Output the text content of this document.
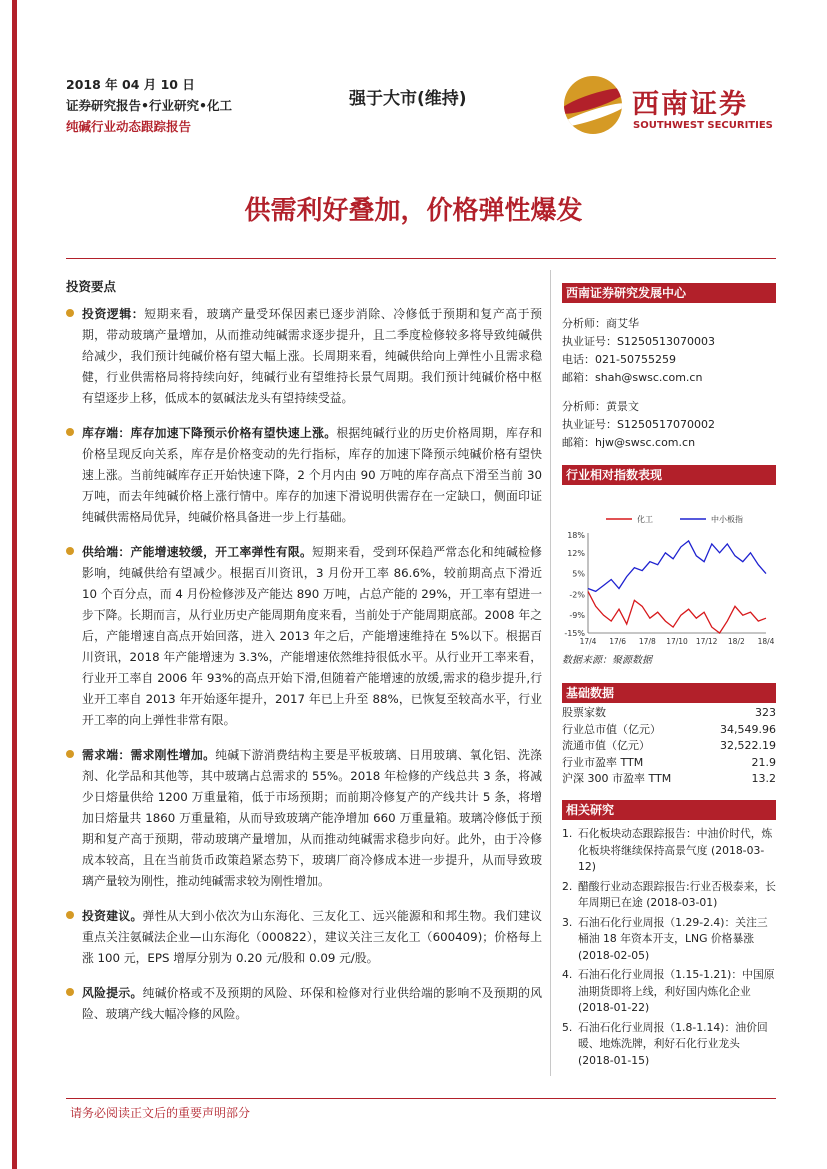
2018 年 04 月 10 日
证券研究报告•行业研究•化工
纯碱行业动态跟踪报告
强于大市(维持)	西南证券
SOUTHWEST SECURITIES
供需利好叠加，价格弹性爆发
投资要点
投资逻辑：短期来看，玻璃产量受环保因素已逐步消除、冷修低于预期和复产高于预期，带动玻璃产量增加，从而推动纯碱需求逐步提升，且二季度检修较多将导致纯碱供给减少，我们预计纯碱价格有望大幅上涨。长周期来看，纯碱供给向上弹性小且需求稳健，行业供需格局将持续向好，纯碱行业有望维持长景气周期。我们预计纯碱价格中枢有望逐步上移，低成本的氨碱法龙头有望持续受益。
库存端：库存加速下降预示价格有望快速上涨。根据纯碱行业的历史价格周期，库存和价格呈现反向关系，库存是价格变动的先行指标，库存的加速下降预示纯碱价格有望快速上涨。当前纯碱库存正开始快速下降，2 个月内由 90 万吨的库存高点下滑至当前 30 万吨，而去年纯碱价格上涨行情中。库存的加速下滑说明供需存在一定缺口，侧面印证纯碱供需格局优异，纯碱价格具备进一步上行基础。
供给端：产能增速较缓，开工率弹性有限。短期来看，受到环保趋严常态化和纯碱检修影响，纯碱供给有望减少。根据百川资讯，3 月份开工率 86.6%，较前期高点下滑近 10 个百分点，而 4 月份检修涉及产能达 890 万吨，占总产能的 29%，开工率有望进一步下降。长期而言，从行业历史产能周期角度来看，当前处于产能周期底部。2008 年之后，产能增速自高点开始回落，进入 2013 年之后，产能增速维持在 5%以下。根据百川资讯，2018 年产能增速为 3.3%，产能增速依然维持很低水平。从行业开工率来看，行业开工率自 2006 年 93%的高点开始下滑,但随着产能增速的放缓,需求的稳步提升,行业开工率自 2013 年开始逐年提升，2017 年已上升至 88%，已恢复至较高水平，行业开工率的向上弹性非常有限。
需求端：需求刚性增加。纯碱下游消费结构主要是平板玻璃、日用玻璃、氧化铝、洗涤剂、化学品和其他等，其中玻璃占总需求的 55%。2018 年检修的产线总共 3 条，将减少日熔量供给 1200 万重量箱，低于市场预期；而前期冷修复产的产线共计 5 条，将增加日熔量共 1860 万重量箱，从而导致玻璃产能净增加 660 万重量箱。玻璃冷修低于预期和复产高于预期，带动玻璃产量增加，从而推动纯碱需求稳步向好。此外，由于冷修成本较高，且在当前货币政策趋紧态势下，玻璃厂商冷修成本进一步提升，从而导致玻璃产量较为刚性，推动纯碱需求较为刚性增加。
投资建议。弹性从大到小依次为山东海化、三友化工、远兴能源和和邦生物。我们建议重点关注氨碱法企业—山东海化（000822），建议关注三友化工（600409)；价格每上涨 100 元，EPS 增厚分别为 0.20 元/股和 0.09 元/股。
风险提示。纯碱价格或不及预期的风险、环保和检修对行业供给端的影响不及预期的风险、玻璃产线大幅冷修的风险。
西南证券研究发展中心
分析师：商艾华
执业证号：S1250513070003
电话：021-50755259
邮箱：shah@swsc.com.cn
分析师：黄景文
执业证号：S1250517070002
邮箱：hjw@swsc.com.cn
行业相对指数表现
化工	中小板指
18%
12%
5%
-2%
-9%
-15%
17/4 17/6 17/8 17/10 17/12 18/2 18/4
数据来源：聚源数据
基础数据
股票家数	323
行业总市值（亿元）	34,549.96
流通市值（亿元）	32,522.19
行业市盈率 TTM	21.9
沪深 300 市盈率 TTM	13.2
相关研究
1. 石化板块动态跟踪报告：中油价时代，炼化板块将继续保持高景气度 (2018-03-12)
2. 醋酸行业动态跟踪报告:行业否极泰来，长年周期已在途 (2018-03-01)
3. 石油石化行业周报（1.29-2.4)：关注三桶油 18 年资本开支，LNG 价格暴涨 (2018-02-05)
4. 石油石化行业周报（1.15-1.21)：中国原油期货即将上线，利好国内炼化企业 (2018-01-22)
5. 石油石化行业周报（1.8-1.14)：油价回暖、地炼洗牌，利好石化行业龙头 (2018-01-15)
请务必阅读正文后的重要声明部分
